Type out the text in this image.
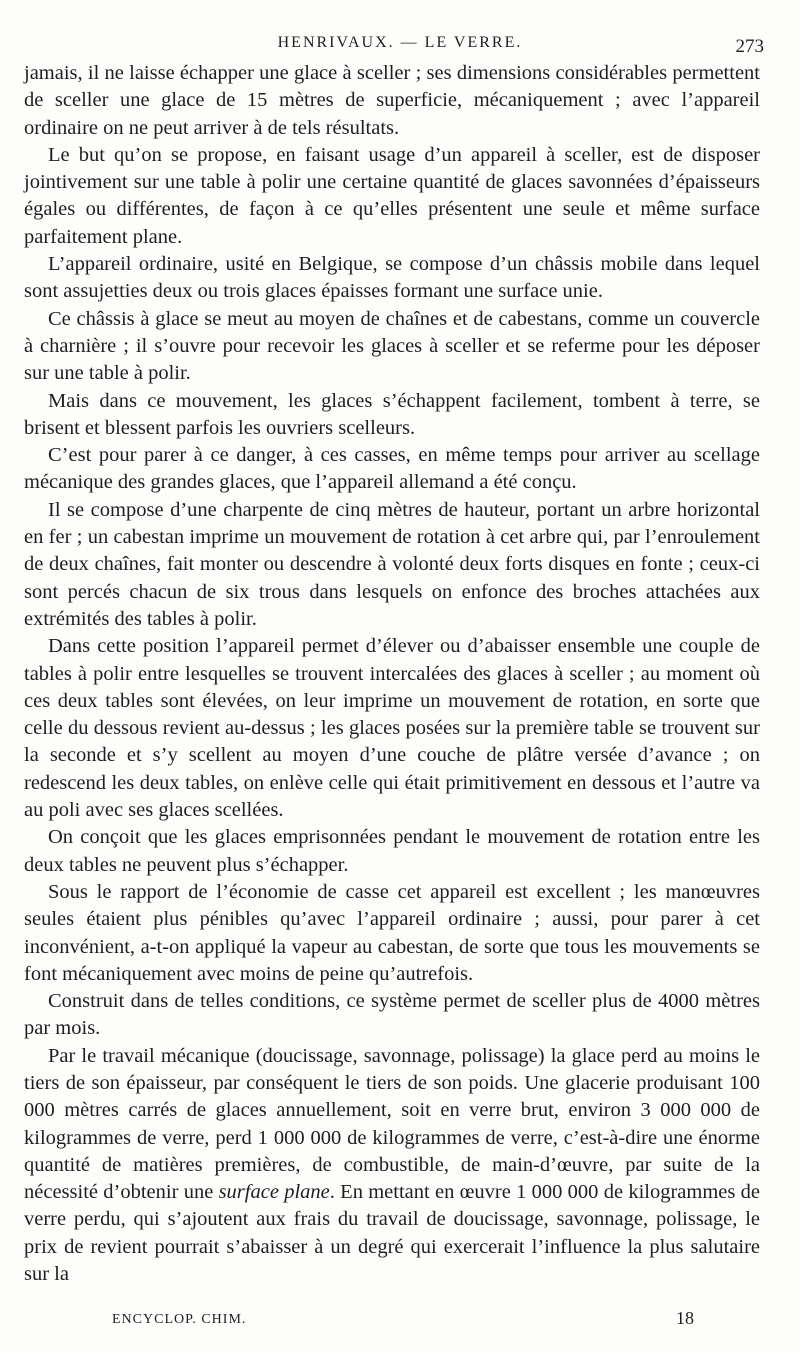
HENRIVAUX. — LE VERRE.	273

jamais, il ne laisse échapper une glace à sceller ; ses dimensions considérables permettent de sceller une glace de 15 mètres de superficie, mécaniquement ; avec l’appareil ordinaire on ne peut arriver à de tels résultats.

Le but qu’on se propose, en faisant usage d’un appareil à sceller, est de disposer jointivement sur une table à polir une certaine quantité de glaces savonnées d’épaisseurs égales ou différentes, de façon à ce qu’elles présentent une seule et même surface parfaitement plane.

L’appareil ordinaire, usité en Belgique, se compose d’un châssis mobile dans lequel sont assujetties deux ou trois glaces épaisses formant une surface unie.

Ce châssis à glace se meut au moyen de chaînes et de cabestans, comme un couvercle à charnière ; il s’ouvre pour recevoir les glaces à sceller et se referme pour les déposer sur une table à polir.

Mais dans ce mouvement, les glaces s’échappent facilement, tombent à terre, se brisent et blessent parfois les ouvriers scelleurs.

C’est pour parer à ce danger, à ces casses, en même temps pour arriver au scellage mécanique des grandes glaces, que l’appareil allemand a été conçu.

Il se compose d’une charpente de cinq mètres de hauteur, portant un arbre horizontal en fer ; un cabestan imprime un mouvement de rotation à cet arbre qui, par l’enroulement de deux chaînes, fait monter ou descendre à volonté deux forts disques en fonte ; ceux-ci sont percés chacun de six trous dans lesquels on enfonce des broches attachées aux extrémités des tables à polir.

Dans cette position l’appareil permet d’élever ou d’abaisser ensemble une couple de tables à polir entre lesquelles se trouvent intercalées des glaces à sceller ; au moment où ces deux tables sont élevées, on leur imprime un mouvement de rotation, en sorte que celle du dessous revient au-dessus ; les glaces posées sur la première table se trouvent sur la seconde et s’y scellent au moyen d’une couche de plâtre versée d’avance ; on redescend les deux tables, on enlève celle qui était primitivement en dessous et l’autre va au poli avec ses glaces scellées.

On conçoit que les glaces emprisonnées pendant le mouvement de rotation entre les deux tables ne peuvent plus s’échapper.

Sous le rapport de l’économie de casse cet appareil est excellent ; les manœuvres seules étaient plus pénibles qu’avec l’appareil ordinaire ; aussi, pour parer à cet inconvénient, a-t-on appliqué la vapeur au cabestan, de sorte que tous les mouvements se font mécaniquement avec moins de peine qu’autrefois.

Construit dans de telles conditions, ce système permet de sceller plus de 4000 mètres par mois.

Par le travail mécanique (doucissage, savonnage, polissage) la glace perd au moins le tiers de son épaisseur, par conséquent le tiers de son poids. Une glacerie produisant 100 000 mètres carrés de glaces annuellement, soit en verre brut, environ 3 000 000 de kilogrammes de verre, perd 1 000 000 de kilogrammes de verre, c’est-à-dire une énorme quantité de matières premières, de combustible, de main-d’œuvre, par suite de la nécessité d’obtenir une surface plane. En mettant en œuvre 1 000 000 de kilogrammes de verre perdu, qui s’ajoutent aux frais du travail de doucissage, savonnage, polissage, le prix de revient pourrait s’abaisser à un degré qui exercerait l’influence la plus salutaire sur la

ENCYCLOP. CHIM.	18
